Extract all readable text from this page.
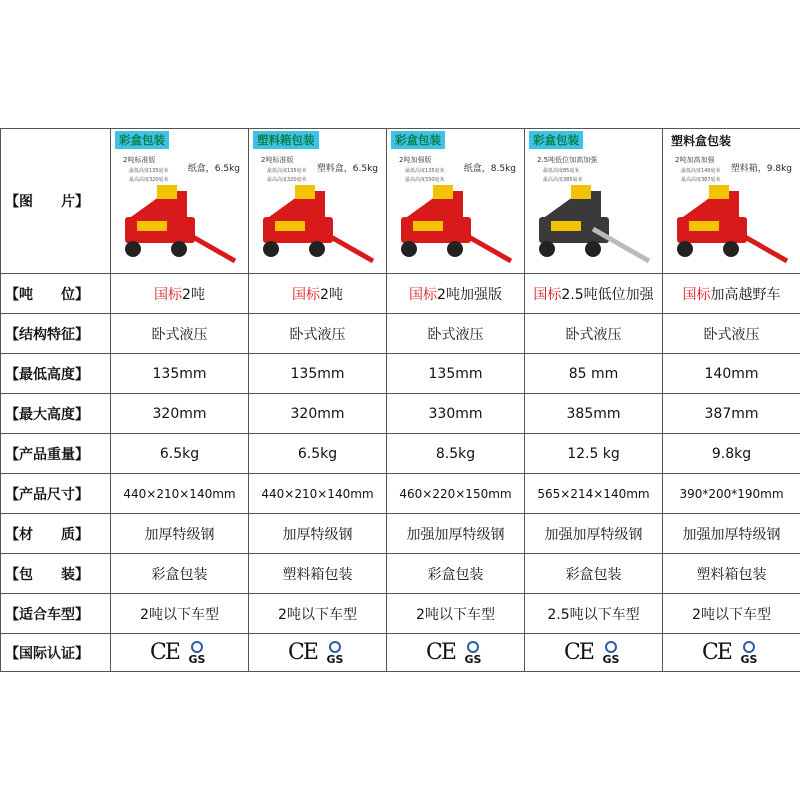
【图　　片】	彩盒包装
2吨标准版
最低高度135毫米
最高高度320毫米
纸盒，6.5kg	塑料箱包装
2吨标准版
最低高度135毫米
最高高度320毫米
塑料盒，6.5kg	彩盒包装
2吨加强版
最低高度135毫米
最高高度330毫米
纸盒，8.5kg	彩盒包装
2.5吨低位加高加强
最低高度85毫米
最高高度385毫米	塑料盒包装
2吨加高加强
最低高度140毫米
最高高度387毫米
塑料箱，9.8kg

【吨　　位】	国标2吨	国标2吨	国标2吨加强版	国标2.5吨低位加强	国标加高越野车
【结构特征】	卧式液压	卧式液压	卧式液压	卧式液压	卧式液压
【最低高度】	135mm	135mm	135mm	85 mm	140mm
【最大高度】	320mm	320mm	330mm	385mm	387mm
【产品重量】	6.5kg	6.5kg	8.5kg	12.5 kg	9.8kg
【产品尺寸】	440×210×140mm	440×210×140mm	460×220×150mm	565×214×140mm	390*200*190mm
【材　　质】	加厚特级钢	加厚特级钢	加强加厚特级钢	加强加厚特级钢	加强加厚特级钢
【包　　装】	彩盒包装	塑料箱包装	彩盒包装	彩盒包装	塑料箱包装
【适合车型】	2吨以下车型	2吨以下车型	2吨以下车型	2.5吨以下车型	2吨以下车型
【国际认证】	CE GS	CE GS	CE GS	CE GS	CE GS
